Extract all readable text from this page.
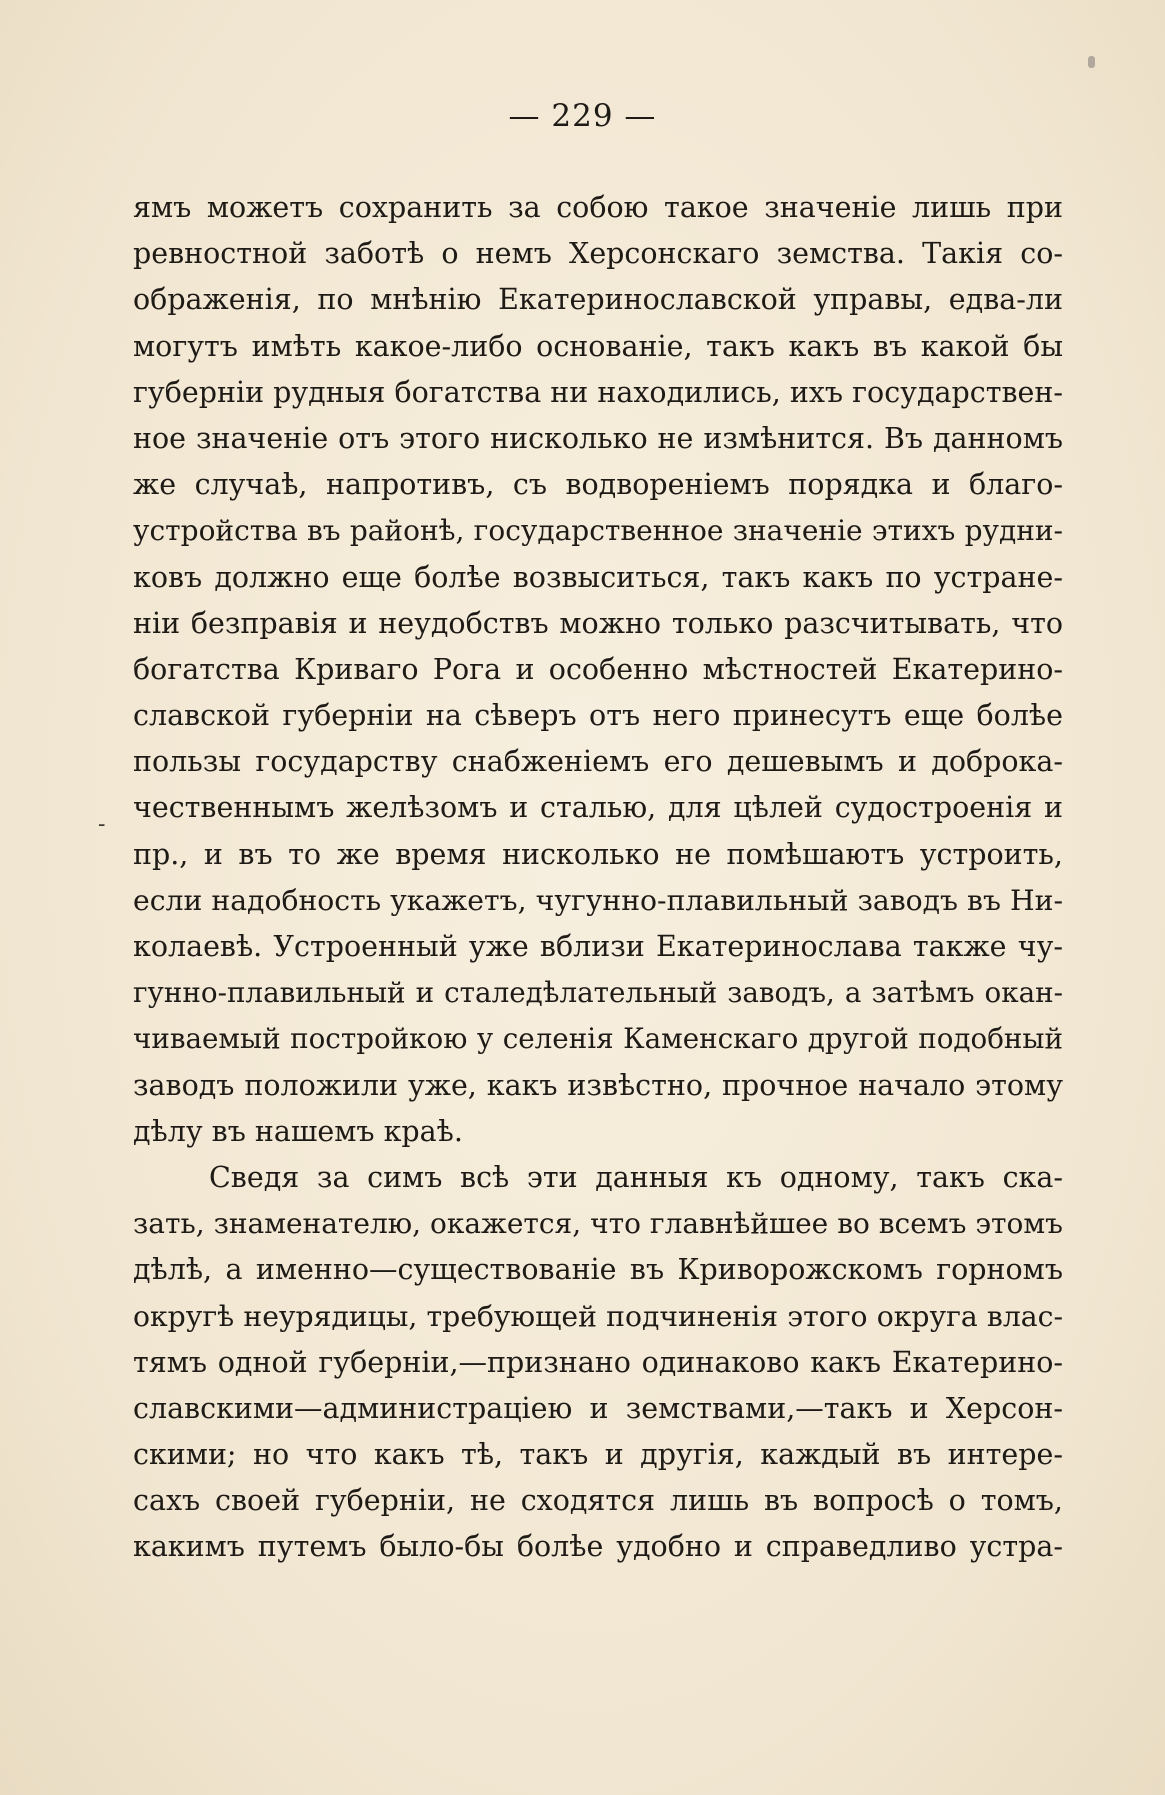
— 229 —
-
ямъ можетъ сохранить за собою такое значеніе лишь при
ревностной заботѣ о немъ Херсонскаго земства. Такія со-
ображенія, по мнѣнію Екатеринославской управы, едва-ли
могутъ имѣть какое-либо основаніе, такъ какъ въ какой бы
губерніи рудныя богатства ни находились, ихъ государствен-
ное значеніе отъ этого нисколько не измѣнится. Въ данномъ
же случаѣ, напротивъ, съ водвореніемъ порядка и благо-
устройства въ районѣ, государственное значеніе этихъ рудни-
ковъ должно еще болѣе возвыситься, такъ какъ по устране-
ніи безправія и неудобствъ можно только разсчитывать, что
богатства Криваго Рога и особенно мѣстностей Екатерино-
славской губерніи на сѣверъ отъ него принесутъ еще болѣе
пользы государству снабженіемъ его дешевымъ и доброка-
чественнымъ желѣзомъ и сталью, для цѣлей судостроенія и
пр., и въ то же время нисколько не помѣшаютъ устроить,
если надобность укажетъ, чугунно-плавильный заводъ въ Ни-
колаевѣ. Устроенный уже вблизи Екатеринослава также чу-
гунно-плавильный и сталедѣлательный заводъ, а затѣмъ окан-
чиваемый постройкою у селенія Каменскаго другой подобный
заводъ положили уже, какъ извѣстно, прочное начало этому
дѣлу въ нашемъ краѣ.
Сведя за симъ всѣ эти данныя къ одному, такъ ска-
зать, знаменателю, окажется, что главнѣйшее во всемъ этомъ
дѣлѣ, а именно—существованіе въ Криворожскомъ горномъ
округѣ неурядицы, требующей подчиненія этого округа влас-
тямъ одной губерніи,—признано одинаково какъ Екатерино-
славскими—администраціею и земствами,—такъ и Херсон-
скими; но что какъ тѣ, такъ и другія, каждый въ интере-
сахъ своей губерніи, не сходятся лишь въ вопросѣ о томъ,
какимъ путемъ было-бы болѣе удобно и справедливо устра-
